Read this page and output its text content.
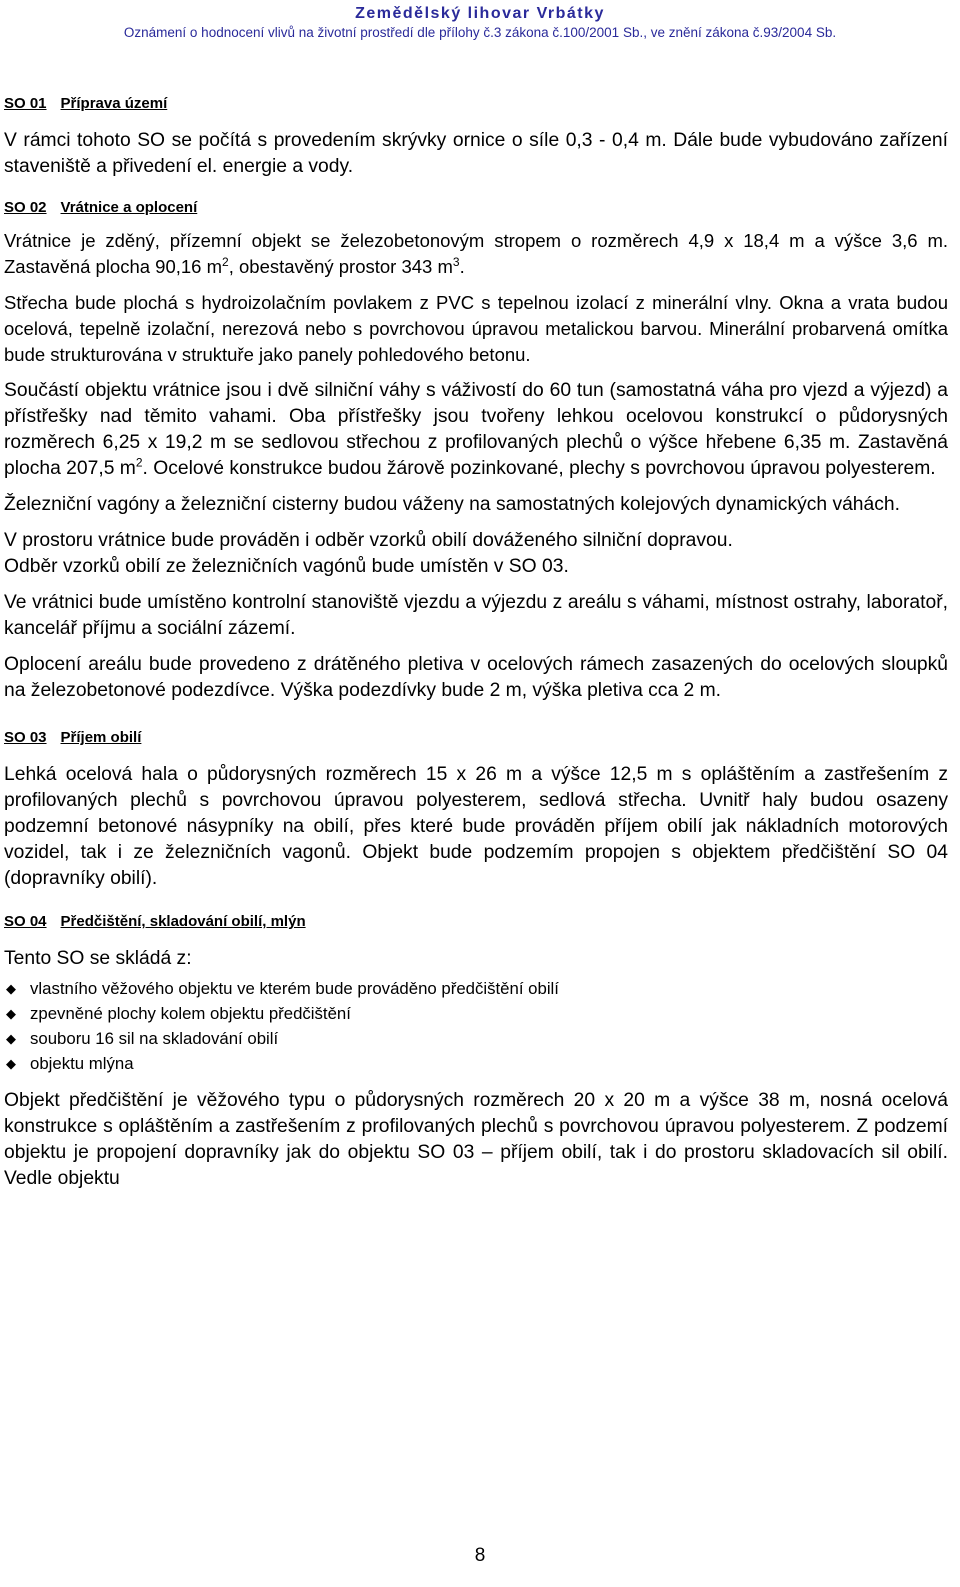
Zemědělský lihovar Vrbátky
Oznámení o hodnocení vlivů na životní prostředí dle přílohy č.3 zákona č.100/2001 Sb., ve znění zákona č.93/2004 Sb.
SO 01 Příprava území

V rámci tohoto SO se počítá s provedením skrývky ornice o síle 0,3 - 0,4 m. Dále bude vybudováno zařízení staveniště a přivedení el. energie a vody.

SO 02 Vrátnice a oplocení

Vrátnice je zděný, přízemní objekt se železobetonovým stropem o rozměrech 4,9 x 18,4 m a výšce 3,6 m. Zastavěná plocha 90,16 $m^2$, obestavěný prostor 343 $m^3$.

Střecha bude plochá s hydroizolačním povlakem z PVC s tepelnou izolací z minerální vlny. Okna a vrata budou ocelová, tepelně izolační, nerezová nebo s povrchovou úpravou metalickou barvou. Minerální probarvená omítka bude strukturována v struktuře jako panely pohledového betonu.

Součástí objektu vrátnice jsou i dvě silniční váhy s váživostí do 60 tun (samostatná váha pro vjezd a výjezd) a přístřešky nad těmito vahami. Oba přístřešky jsou tvořeny lehkou ocelovou konstrukcí o půdorysných rozměrech 6,25 x 19,2 m se sedlovou střechou z profilovaných plechů o výšce hřebene 6,35 m. Zastavěná plocha 207,5 $m^2$. Ocelové konstrukce budou žárově pozinkované, plechy s povrchovou úpravou polyesterem.

Železniční vagóny a železniční cisterny budou váženy na samostatných kolejových dynamických váhách.

V prostoru vrátnice bude prováděn i odběr vzorků obilí dováženého silniční dopravou.

Odběr vzorků obilí ze železničních vagónů bude umístěn v SO 03.

Ve vrátnici bude umístěno kontrolní stanoviště vjezdu a výjezdu z areálu s váhami, místnost ostrahy, laboratoř, kancelář příjmu a sociální zázemí.

Oplocení areálu bude provedeno z drátěného pletiva v ocelových rámech zasazených do ocelových sloupků na železobetonové podezdívce. Výška podezdívky bude 2 m, výška pletiva cca 2 m.

SO 03 Příjem obilí

Lehká ocelová hala o půdorysných rozměrech 15 x 26 m a výšce 12,5 m s opláštěním a zastřešením z profilovaných plechů s povrchovou úpravou polyesterem, sedlová střecha. Uvnitř haly budou osazeny podzemní betonové násypníky na obilí, přes které bude prováděn příjem obilí jak nákladních motorových vozidel, tak i ze železničních vagonů. Objekt bude podzemím propojen s objektem předčištění SO 04 (dopravníky obilí).

SO 04 Předčištění, skladování obilí, mlýn

Tento SO se skládá z:

◆ vlastního věžového objektu ve kterém bude prováděno předčištění obilí
◆ zpevněné plochy kolem objektu předčištění
◆ souboru 16 sil na skladování obilí
◆ objektu mlýna

Objekt předčištění je věžového typu o půdorysných rozměrech 20 x 20 m a výšce 38 m, nosná ocelová konstrukce s opláštěním a zastřešením z profilovaných plechů s povrchovou úpravou polyesterem. Z podzemí objektu je propojení dopravníky jak do objektu SO 03 – příjem obilí, tak i do prostoru skladovacích sil obilí. Vedle objektu

8
